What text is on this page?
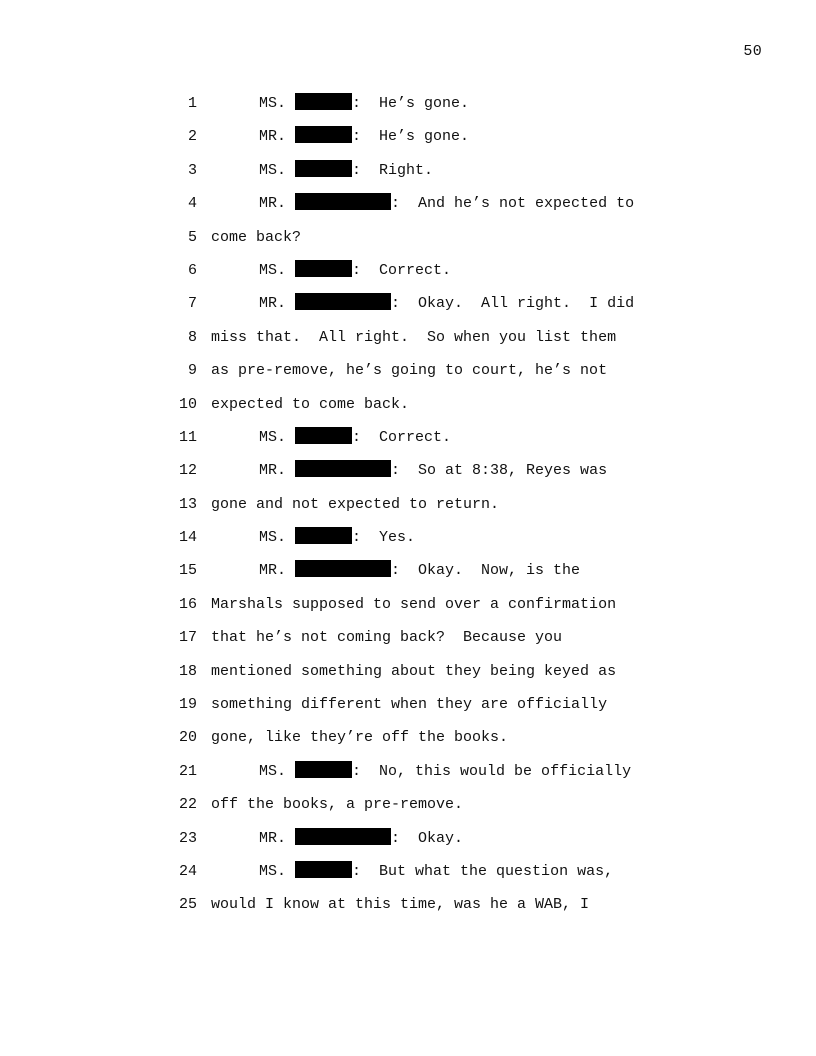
50
1	MS.	:  He’s gone.
2	MR.	:  He’s gone.
3	MS.	:  Right.
4	MR.	:  And he’s not expected to
5 come back?
6	MS.	:  Correct.
7	MR.	:  Okay.  All right.  I did
8 miss that.  All right.  So when you list them
9 as pre-remove, he’s going to court, he’s not
10 expected to come back.
11	MS.	:  Correct.
12	MR.	:  So at 8:38, Reyes was
13 gone and not expected to return.
14	MS.	:  Yes.
15	MR.	:  Okay.  Now, is the
16 Marshals supposed to send over a confirmation
17 that he’s not coming back?  Because you
18 mentioned something about they being keyed as
19 something different when they are officially
20 gone, like they’re off the books.
21	MS.	:  No, this would be officially
22 off the books, a pre-remove.
23	MR.	:  Okay.
24	MS.	:  But what the question was,
25 would I know at this time, was he a WAB, I
